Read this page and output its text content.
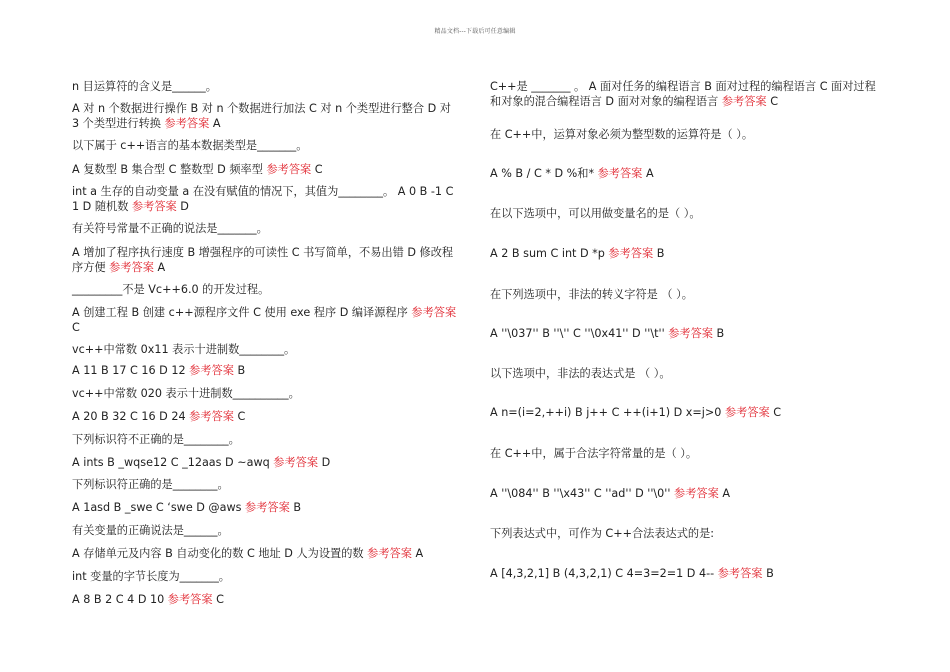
精品文档---下载后可任意编辑
n 目运算符的含义是______。
A 对 n 个数据进行操作 B 对 n 个数据进行加法 C 对 n 个类型进行整合 D 对 3 个类型进行转换 参考答案 A
以下属于 c++语言的基本数据类型是_______。
A 复数型 B 集合型 C 整数型 D 频率型 参考答案 C
int a 生存的自动变量 a 在没有赋值的情况下，其值为________。 A 0 B -1 C 1 D 随机数 参考答案 D
有关符号常量不正确的说法是_______。
A 增加了程序执行速度 B 增强程序的可读性 C 书写简单，不易出错 D 修改程序方便 参考答案 A
_________不是 Vc++6.0 的开发过程。
A 创建工程 B 创建 c++源程序文件 C 使用 exe 程序 D 编译源程序 参考答案 C
vc++中常数 0x11 表示十进制数________。
A 11 B 17 C 16 D 12 参考答案 B
vc++中常数 020 表示十进制数__________。
A 20 B 32 C 16 D 24 参考答案 C
下列标识符不正确的是________。
A ints B _wqse12 C _12aas D ~awq 参考答案 D
下列标识符正确的是________。
A 1asd B _swe C ‘swe D @aws 参考答案 B
有关变量的正确说法是______。
A 存储单元及内容 B 自动变化的数 C 地址 D 人为设置的数 参考答案 A
int 变量的字节长度为_______。
A 8 B 2 C 4 D 10 参考答案 C
C++是 _______ 。 A 面对任务的编程语言 B 面对过程的编程语言 C 面对过程和对象的混合编程语言 D 面对对象的编程语言 参考答案 C
在 C++中，运算对象必须为整型数的运算符是（ ）。
A % B / C * D %和* 参考答案 A
在以下选项中，可以用做变量名的是（ ）。
A 2 B sum C int D *p 参考答案 B
在下列选项中，非法的转义字符是 （ ）。
A ''\037'' B ''\'' C ''\0x41'' D ''\t'' 参考答案 B
以下选项中，非法的表达式是 （ ）。
A n=(i=2,++i) B j++ C ++(i+1) D x=j>0 参考答案 C
在 C++中，属于合法字符常量的是（ ）。
A ''\084'' B ''\x43'' C ''ad'' D ''\0'' 参考答案 A
下列表达式中，可作为 C++合法表达式的是:
A [4,3,2,1] B (4,3,2,1) C 4=3=2=1 D 4-- 参考答案 B
